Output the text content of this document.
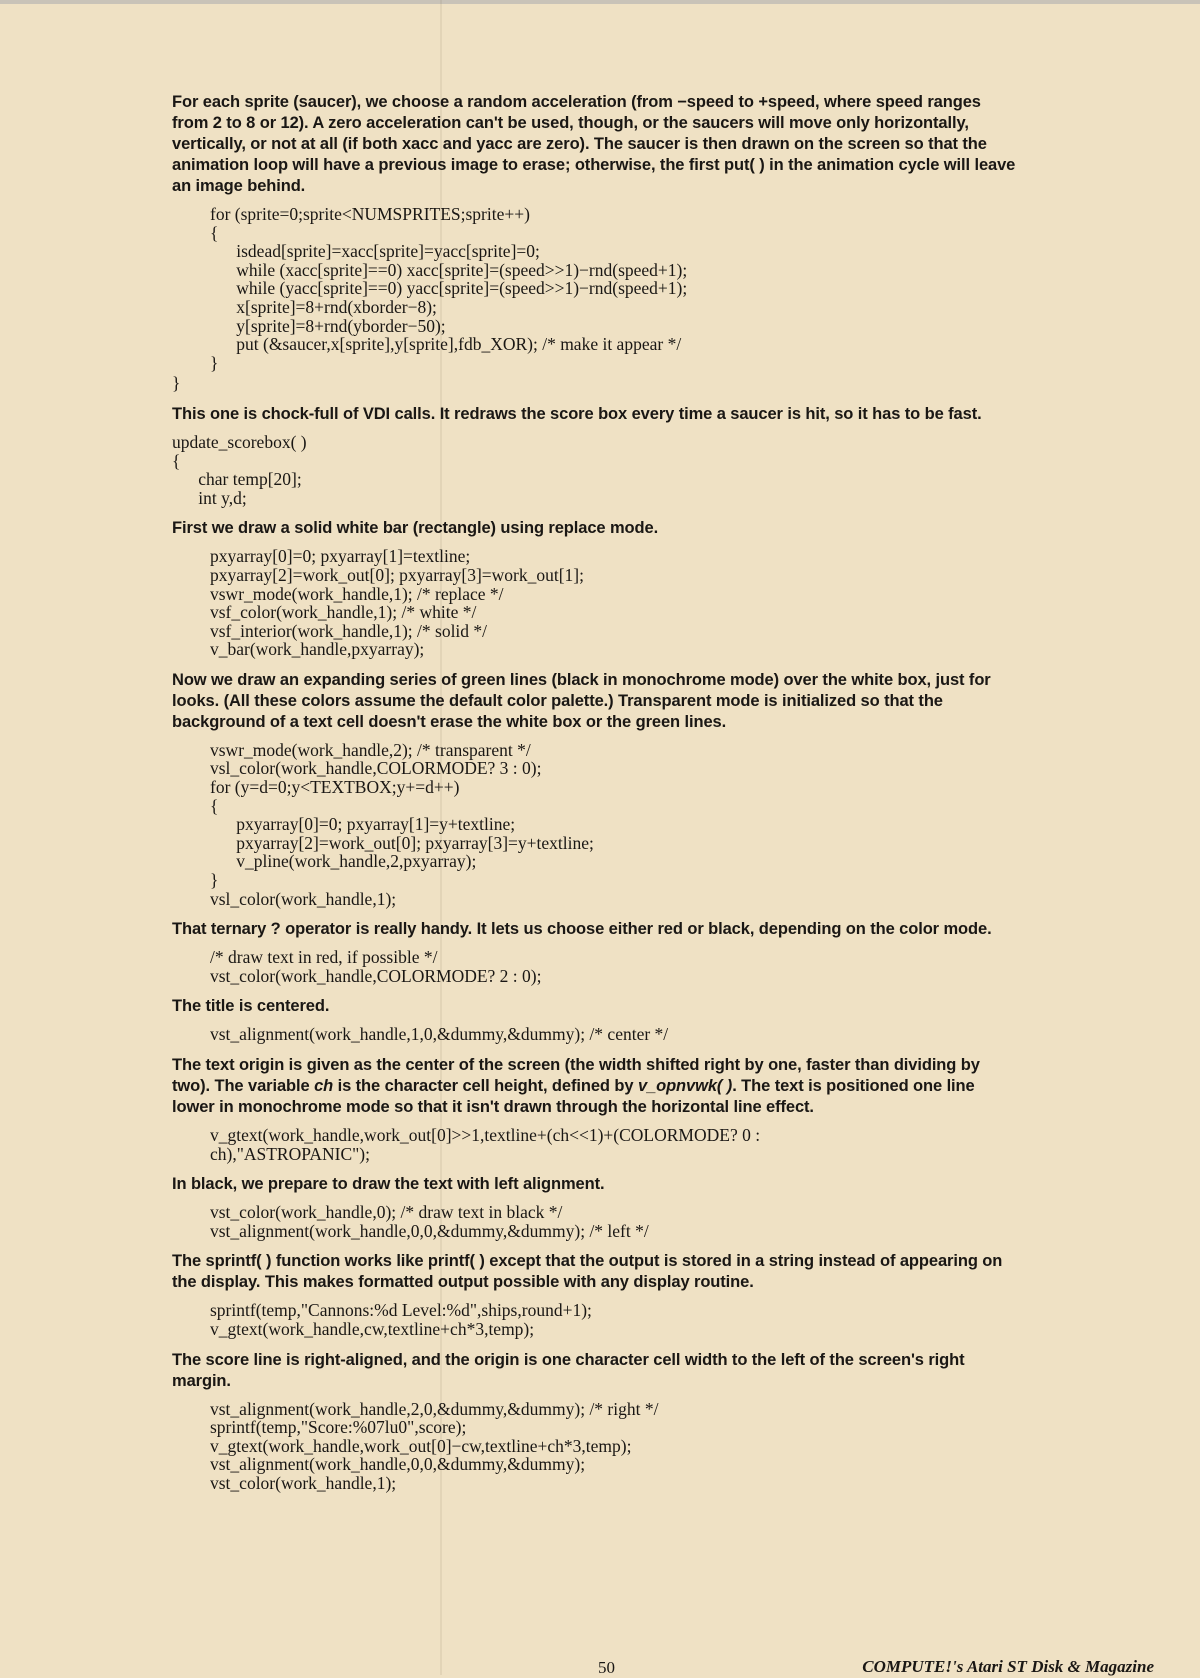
For each sprite (saucer), we choose a random acceleration (from −speed to +speed, where speed ranges from 2 to 8 or 12). A zero acceleration can't be used, though, or the saucers will move only horizontally, vertically, or not at all (if both xacc and yacc are zero). The saucer is then drawn on the screen so that the animation loop will have a previous image to erase; otherwise, the first put( ) in the animation cycle will leave an image behind.

for (sprite=0;sprite<NUMSPRITES;sprite++)
{
isdead[sprite]=xacc[sprite]=yacc[sprite]=0;
while (xacc[sprite]==0) xacc[sprite]=(speed>>1)−rnd(speed+1);
while (yacc[sprite]==0) yacc[sprite]=(speed>>1)−rnd(speed+1);
x[sprite]=8+rnd(xborder−8);
y[sprite]=8+rnd(yborder−50);
put (&saucer,x[sprite],y[sprite],fdb_XOR); /* make it appear */
}
}

This one is chock-full of VDI calls. It redraws the score box every time a saucer is hit, so it has to be fast.

update_scorebox( )
{
char temp[20];
int y,d;

First we draw a solid white bar (rectangle) using replace mode.

pxyarray[0]=0; pxyarray[1]=textline;
pxyarray[2]=work_out[0]; pxyarray[3]=work_out[1];
vswr_mode(work_handle,1); /* replace */
vsf_color(work_handle,1); /* white */
vsf_interior(work_handle,1); /* solid */
v_bar(work_handle,pxyarray);

Now we draw an expanding series of green lines (black in monochrome mode) over the white box, just for looks. (All these colors assume the default color palette.) Transparent mode is initialized so that the background of a text cell doesn't erase the white box or the green lines.

vswr_mode(work_handle,2); /* transparent */
vsl_color(work_handle,COLORMODE? 3 : 0);
for (y=d=0;y<TEXTBOX;y+=d++)
{
pxyarray[0]=0; pxyarray[1]=y+textline;
pxyarray[2]=work_out[0]; pxyarray[3]=y+textline;
v_pline(work_handle,2,pxyarray);
}
vsl_color(work_handle,1);

That ternary ? operator is really handy. It lets us choose either red or black, depending on the color mode.

/* draw text in red, if possible */
vst_color(work_handle,COLORMODE? 2 : 0);

The title is centered.

vst_alignment(work_handle,1,0,&dummy,&dummy); /* center */

The text origin is given as the center of the screen (the width shifted right by one, faster than dividing by two). The variable ch is the character cell height, defined by v_opnvwk( ). The text is positioned one line lower in monochrome mode so that it isn't drawn through the horizontal line effect.

v_gtext(work_handle,work_out[0]>>1,textline+(ch<<1)+(COLORMODE? 0 :
ch),"ASTROPANIC");

In black, we prepare to draw the text with left alignment.

vst_color(work_handle,0); /* draw text in black */
vst_alignment(work_handle,0,0,&dummy,&dummy); /* left */

The sprintf( ) function works like printf( ) except that the output is stored in a string instead of appearing on the display. This makes formatted output possible with any display routine.

sprintf(temp,"Cannons:%d Level:%d",ships,round+1);
v_gtext(work_handle,cw,textline+ch*3,temp);

The score line is right-aligned, and the origin is one character cell width to the left of the screen's right margin.

vst_alignment(work_handle,2,0,&dummy,&dummy); /* right */
sprintf(temp,"Score:%07lu0",score);
v_gtext(work_handle,work_out[0]−cw,textline+ch*3,temp);
vst_alignment(work_handle,0,0,&dummy,&dummy);
vst_color(work_handle,1);
50	COMPUTE!'s Atari ST Disk & Magazine
